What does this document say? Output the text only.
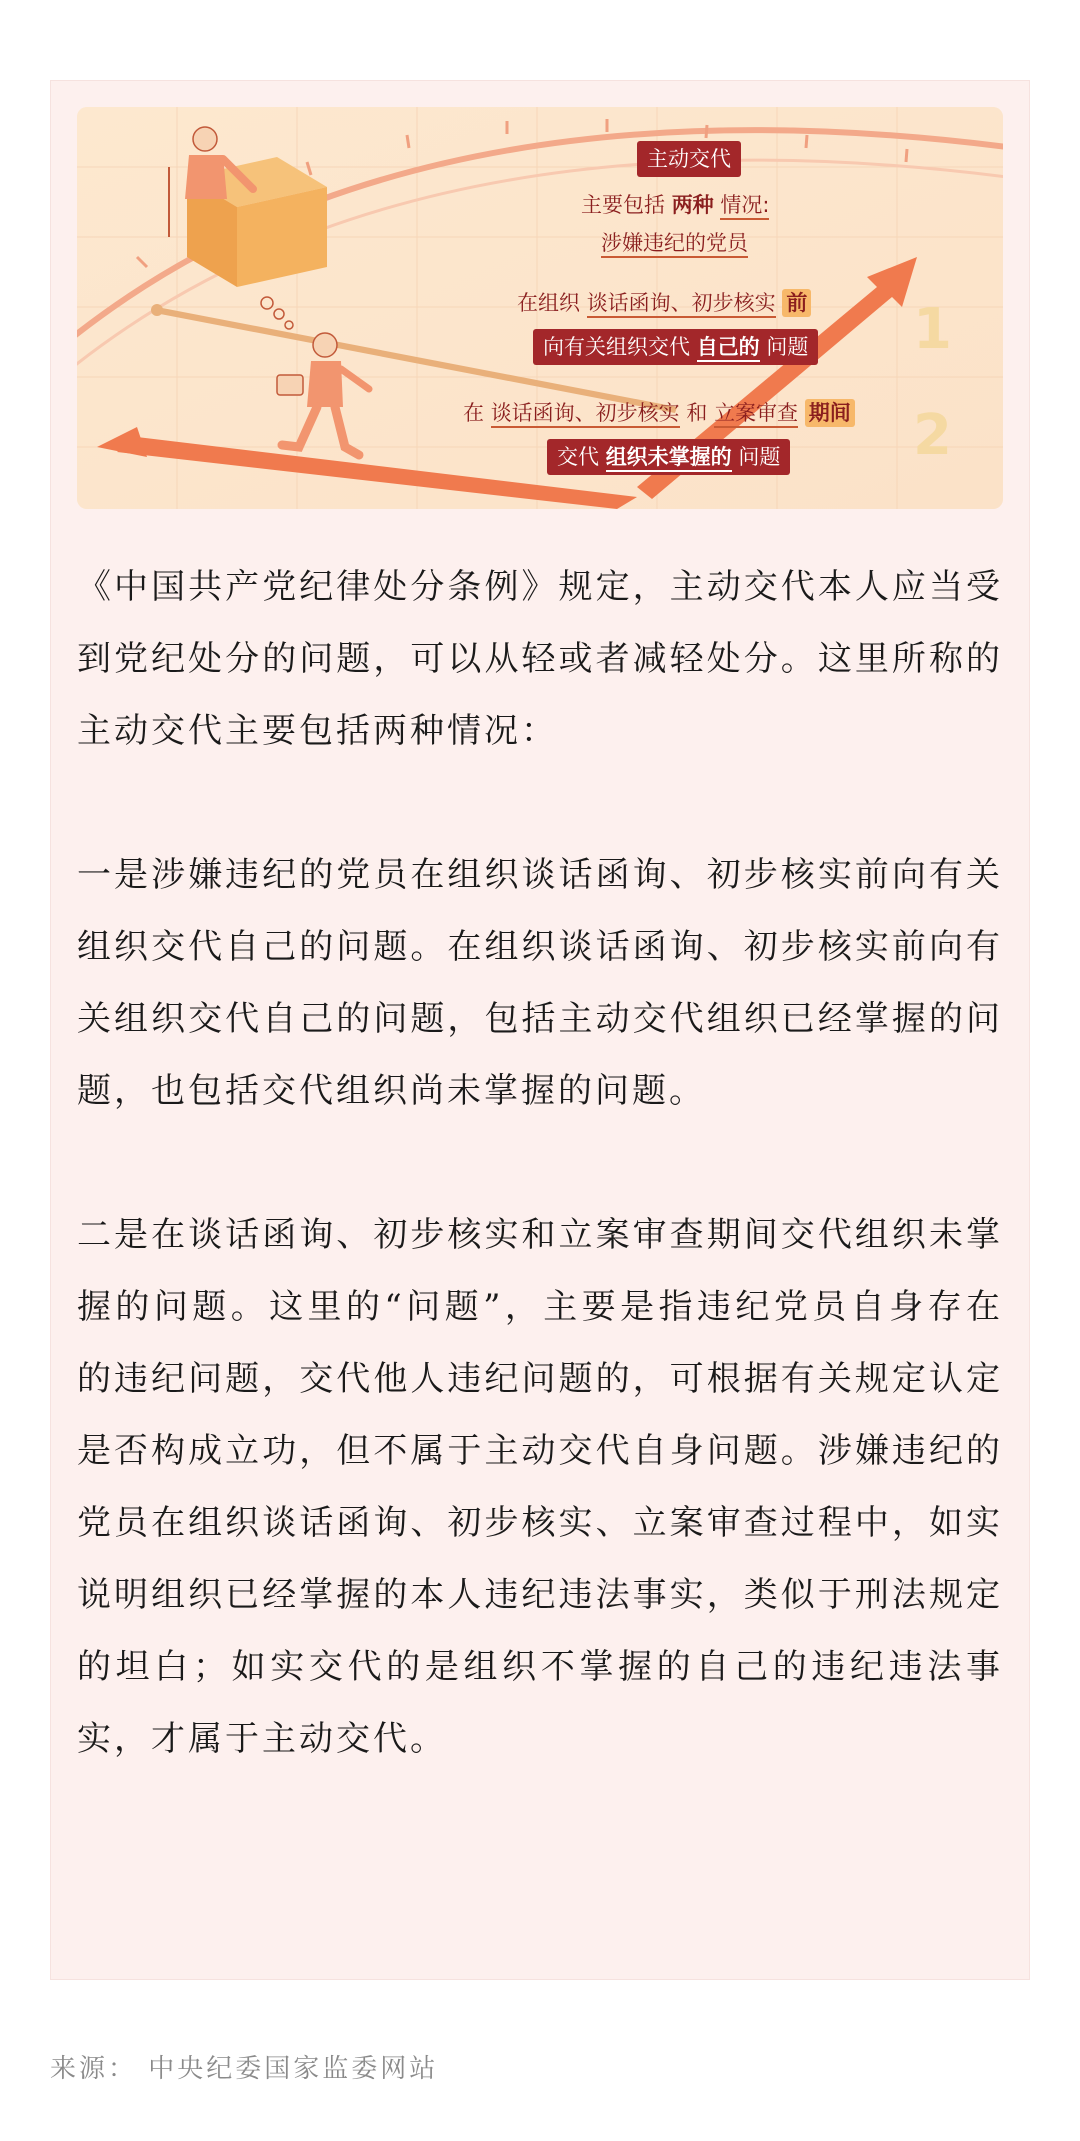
主动交代
主要包括 两种 情况:
涉嫌违纪的党员
在组织 谈话函询、初步核实 前
向有关组织交代 自己的 问题 1
在 谈话函询、初步核实 和 立案审查 期间
交代 组织未掌握的 问题 2

《中国共产党纪律处分条例》规定，主动交代本人应当受到党纪处分的问题，可以从轻或者减轻处分。这里所称的主动交代主要包括两种情况：

一是涉嫌违纪的党员在组织谈话函询、初步核实前向有关组织交代自己的问题。在组织谈话函询、初步核实前向有关组织交代自己的问题，包括主动交代组织已经掌握的问题，也包括交代组织尚未掌握的问题。

二是在谈话函询、初步核实和立案审查期间交代组织未掌握的问题。这里的“问题”，主要是指违纪党员自身存在的违纪问题，交代他人违纪问题的，可根据有关规定认定是否构成立功，但不属于主动交代自身问题。涉嫌违纪的党员在组织谈话函询、初步核实、立案审查过程中，如实说明组织已经掌握的本人违纪违法事实，类似于刑法规定的坦白；如实交代的是组织不掌握的自己的违纪违法事实，才属于主动交代。

来源： 中央纪委国家监委网站
